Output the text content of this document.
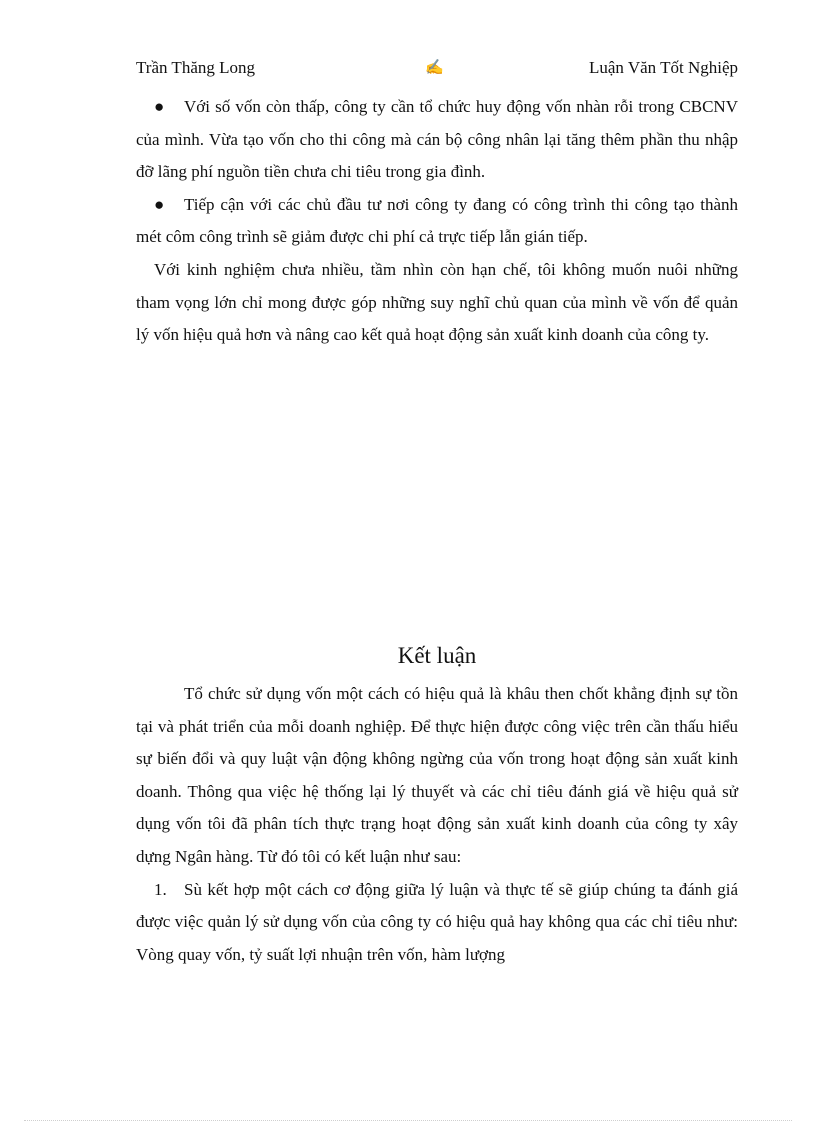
Trần Thăng Long	✍	Luận Văn Tốt Nghiệp

● Với số vốn còn thấp, công ty cần tổ chức huy động vốn nhàn rỗi trong CBCNV của mình. Vừa tạo vốn cho thi công mà cán bộ công nhân lại tăng thêm phần thu nhập đỡ lãng phí nguồn tiền chưa chi tiêu trong gia đình.

● Tiếp cận với các chủ đầu tư nơi công ty đang có công trình thi công tạo thành mét côm công trình sẽ giảm được chi phí cả trực tiếp lẫn gián tiếp.

Với kinh nghiệm chưa nhiều, tầm nhìn còn hạn chế, tôi không muốn nuôi những tham vọng lớn chỉ mong được góp những suy nghĩ chủ quan của mình về vốn để quản lý vốn hiệu quả hơn và nâng cao kết quả hoạt động sản xuất kinh doanh của công ty.

Kết luận

Tổ chức sử dụng vốn một cách có hiệu quả là khâu then chốt khẳng định sự tồn tại và phát triển của mỗi doanh nghiệp. Để thực hiện được công việc trên cần thấu hiểu sự biến đổi và quy luật vận động không ngừng của vốn trong hoạt động sản xuất kinh doanh. Thông qua việc hệ thống lại lý thuyết và các chỉ tiêu đánh giá về hiệu quả sử dụng vốn tôi đã phân tích thực trạng hoạt động sản xuất kinh doanh của công ty xây dựng Ngân hàng. Từ đó tôi có kết luận như sau:

1. Sù kết hợp một cách cơ động giữa lý luận và thực tế sẽ giúp chúng ta đánh giá được việc quản lý sử dụng vốn của công ty có hiệu quả hay không qua các chỉ tiêu như: Vòng quay vốn, tỷ suất lợi nhuận trên vốn, hàm lượng
